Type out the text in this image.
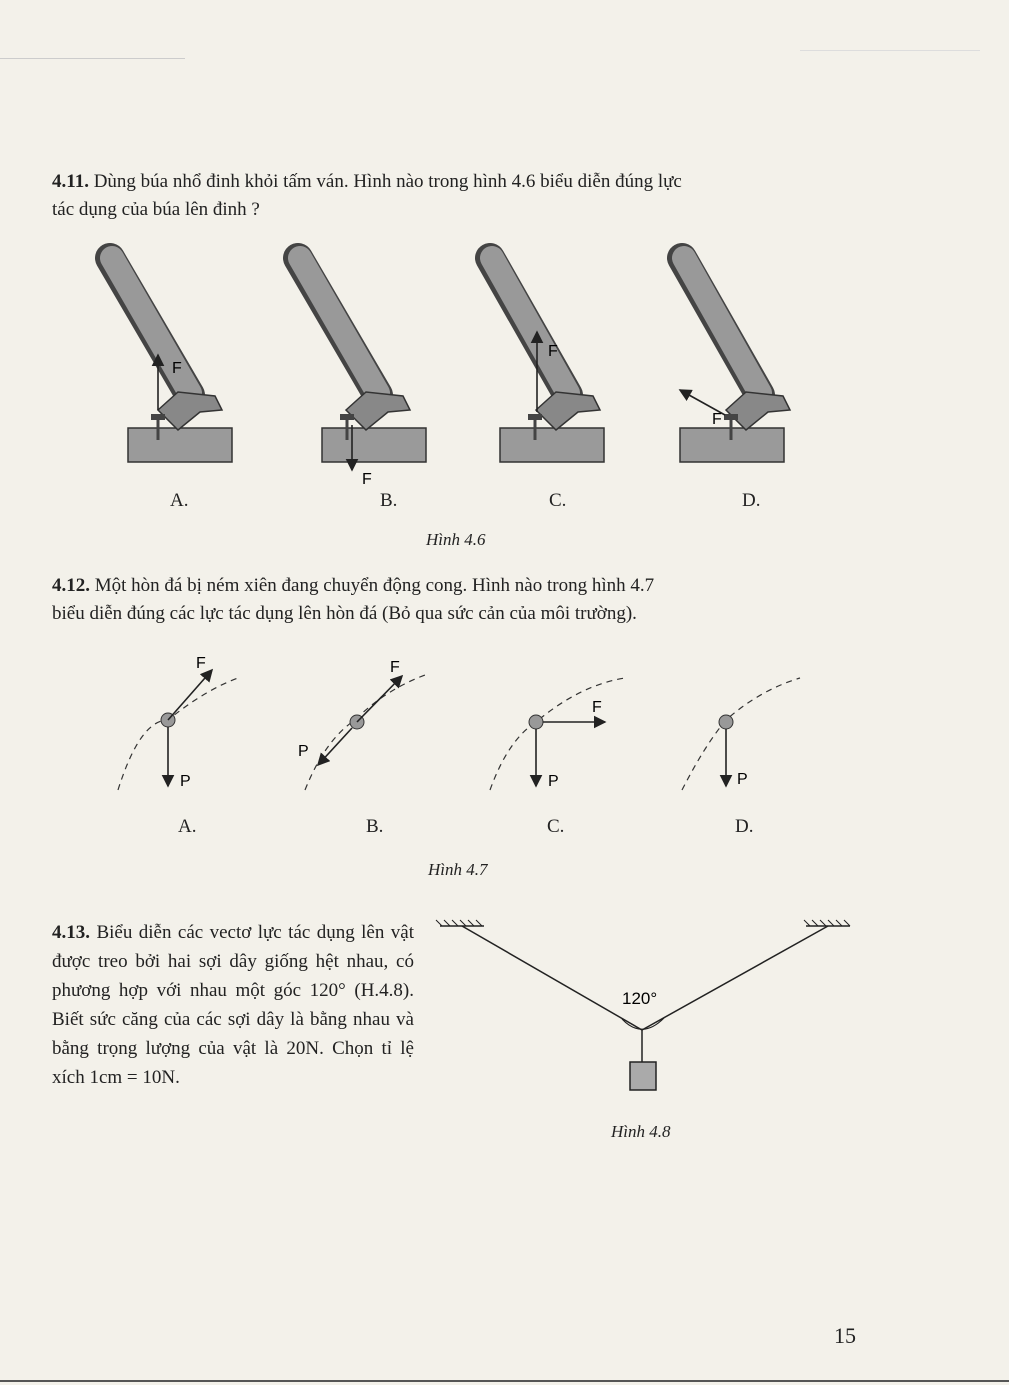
4.11. Dùng búa nhổ đinh khỏi tấm ván. Hình nào trong hình 4.6 biểu diễn đúng lực
tác dụng của búa lên đinh ?
F
F
F
F
F
P
F
P
F
P	P
120°
A.	B.	C.	D.
Hình 4.6
4.12. Một hòn đá bị ném xiên đang chuyển động cong. Hình nào trong hình 4.7
biểu diễn đúng các lực tác dụng lên hòn đá (Bỏ qua sức cản của môi trường).
A.	B.	C.	D.
Hình 4.7
4.13. Biểu diễn các vectơ lực tác dụng lên vật được treo bởi hai sợi dây giống hệt nhau, có phương hợp với nhau một góc 120° (H.4.8). Biết sức căng của các sợi dây là bằng nhau và bằng trọng lượng của vật là 20N. Chọn tỉ lệ xích 1cm = 10N.
Hình 4.8
15
